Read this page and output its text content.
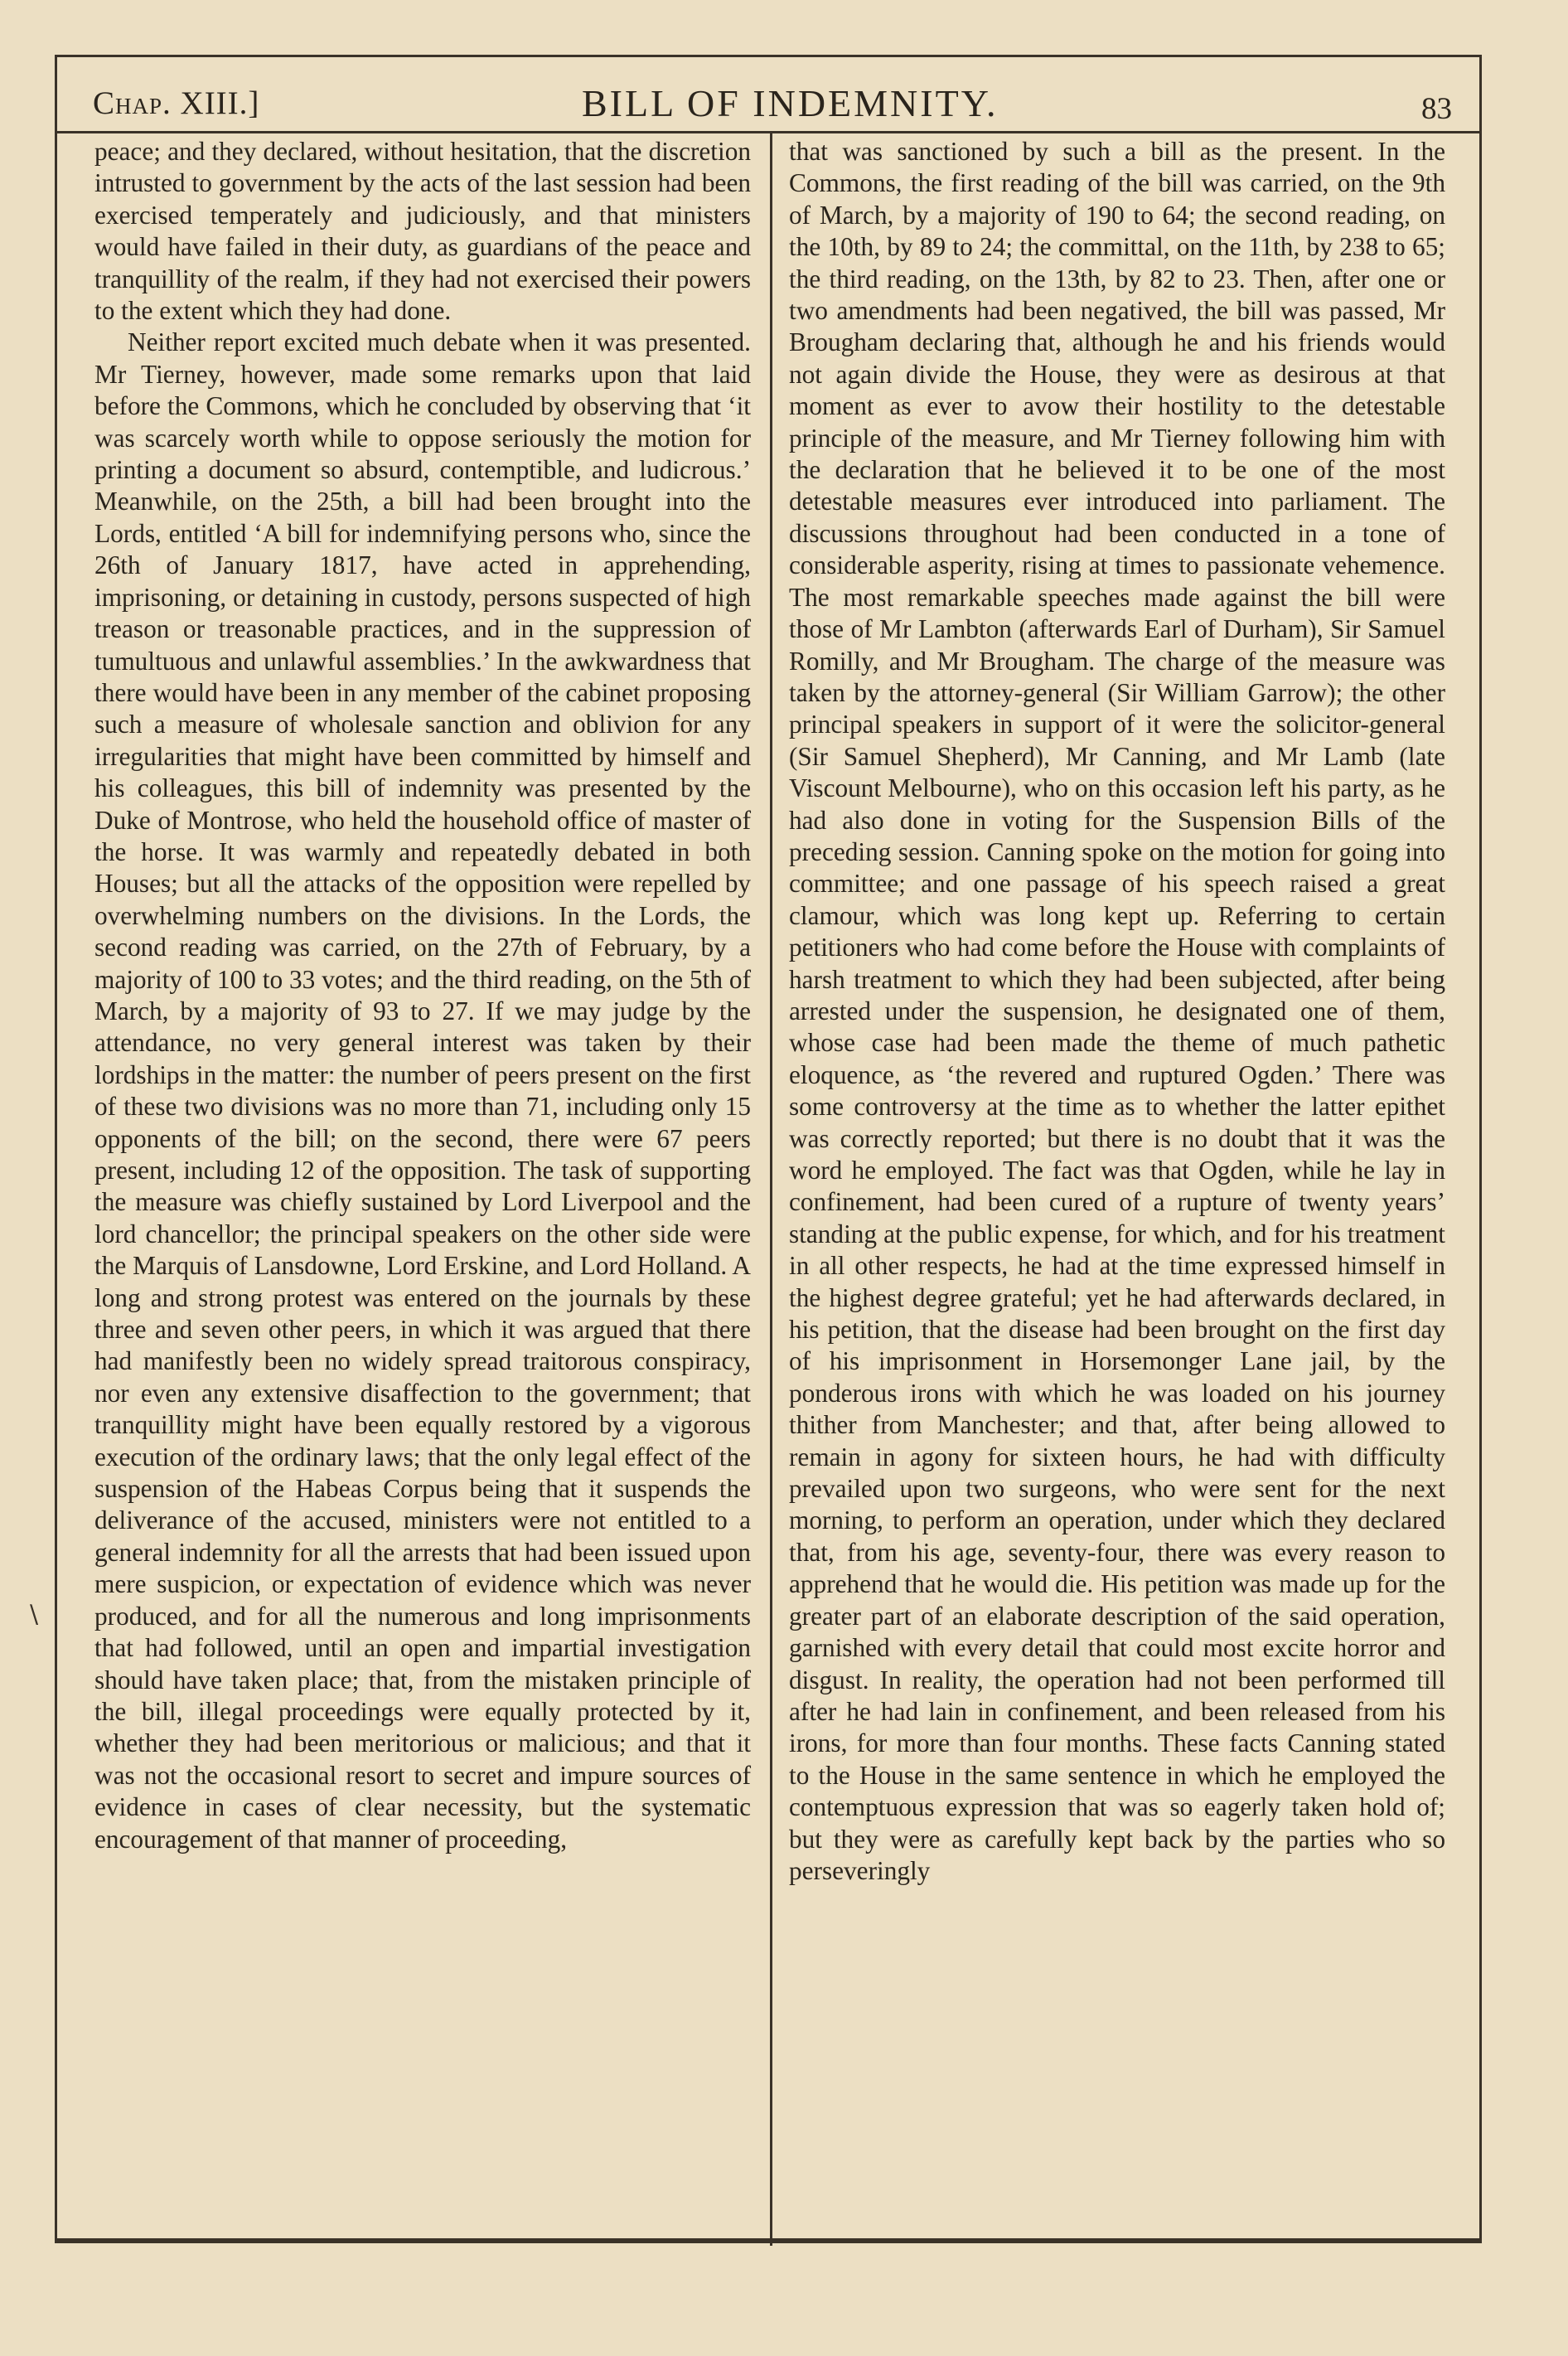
Chap. XIII.]	BILL OF INDEMNITY.	83
\

peace; and they declared, without hesitation, that the discretion intrusted to government by the acts of the last session had been exercised temperately and judiciously, and that ministers would have failed in their duty, as guardians of the peace and tranquillity of the realm, if they had not exercised their powers to the extent which they had done.

Neither report excited much debate when it was presented. Mr Tierney, however, made some remarks upon that laid before the Commons, which he concluded by observing that ‘it was scarcely worth while to oppose seriously the motion for printing a document so absurd, contemptible, and ludicrous.’ Meanwhile, on the 25th, a bill had been brought into the Lords, entitled ‘A bill for indemnifying persons who, since the 26th of January 1817, have acted in apprehending, imprisoning, or detaining in custody, persons suspected of high treason or treasonable practices, and in the suppression of tumultuous and unlawful assemblies.’ In the awkwardness that there would have been in any member of the cabinet proposing such a measure of wholesale sanction and oblivion for any irregularities that might have been committed by himself and his colleagues, this bill of indemnity was presented by the Duke of Montrose, who held the household office of master of the horse. It was warmly and repeatedly debated in both Houses; but all the attacks of the opposition were repelled by overwhelming numbers on the divisions. In the Lords, the second reading was carried, on the 27th of February, by a majority of 100 to 33 votes; and the third reading, on the 5th of March, by a majority of 93 to 27. If we may judge by the attendance, no very general interest was taken by their lordships in the matter: the number of peers present on the first of these two divisions was no more than 71, including only 15 opponents of the bill; on the second, there were 67 peers present, including 12 of the opposition. The task of supporting the measure was chiefly sustained by Lord Liverpool and the lord chancellor; the principal speakers on the other side were the Marquis of Lansdowne, Lord Erskine, and Lord Holland. A long and strong protest was entered on the journals by these three and seven other peers, in which it was argued that there had manifestly been no widely spread traitorous conspiracy, nor even any extensive disaffection to the government; that tranquillity might have been equally restored by a vigorous execution of the ordinary laws; that the only legal effect of the suspension of the Habeas Corpus being that it suspends the deliverance of the accused, ministers were not entitled to a general indemnity for all the arrests that had been issued upon mere suspicion, or expectation of evidence which was never produced, and for all the numerous and long imprisonments that had followed, until an open and impartial investigation should have taken place; that, from the mistaken principle of the bill, illegal proceedings were equally protected by it, whether they had been meritorious or malicious; and that it was not the occasional resort to secret and impure sources of evidence in cases of clear necessity, but the systematic encouragement of that manner of proceeding,

that was sanctioned by such a bill as the present. In the Commons, the first reading of the bill was carried, on the 9th of March, by a majority of 190 to 64; the second reading, on the 10th, by 89 to 24; the committal, on the 11th, by 238 to 65; the third reading, on the 13th, by 82 to 23. Then, after one or two amendments had been negatived, the bill was passed, Mr Brougham declaring that, although he and his friends would not again divide the House, they were as desirous at that moment as ever to avow their hostility to the detestable principle of the measure, and Mr Tierney following him with the declaration that he believed it to be one of the most detestable measures ever introduced into parliament. The discussions throughout had been conducted in a tone of considerable asperity, rising at times to passionate vehemence. The most remarkable speeches made against the bill were those of Mr Lambton (afterwards Earl of Durham), Sir Samuel Romilly, and Mr Brougham. The charge of the measure was taken by the attorney-general (Sir William Garrow); the other principal speakers in support of it were the solicitor-general (Sir Samuel Shepherd), Mr Canning, and Mr Lamb (late Viscount Melbourne), who on this occasion left his party, as he had also done in voting for the Suspension Bills of the preceding session. Canning spoke on the motion for going into committee; and one passage of his speech raised a great clamour, which was long kept up. Referring to certain petitioners who had come before the House with complaints of harsh treatment to which they had been subjected, after being arrested under the suspension, he designated one of them, whose case had been made the theme of much pathetic eloquence, as ‘the revered and ruptured Ogden.’ There was some controversy at the time as to whether the latter epithet was correctly reported; but there is no doubt that it was the word he employed. The fact was that Ogden, while he lay in confinement, had been cured of a rupture of twenty years’ standing at the public expense, for which, and for his treatment in all other respects, he had at the time expressed himself in the highest degree grateful; yet he had afterwards declared, in his petition, that the disease had been brought on the first day of his imprisonment in Horsemonger Lane jail, by the ponderous irons with which he was loaded on his journey thither from Manchester; and that, after being allowed to remain in agony for sixteen hours, he had with difficulty prevailed upon two surgeons, who were sent for the next morning, to perform an operation, under which they declared that, from his age, seventy-four, there was every reason to apprehend that he would die. His petition was made up for the greater part of an elaborate description of the said operation, garnished with every detail that could most excite horror and disgust. In reality, the operation had not been performed till after he had lain in confinement, and been released from his irons, for more than four months. These facts Canning stated to the House in the same sentence in which he employed the contemptuous expression that was so eagerly taken hold of; but they were as carefully kept back by the parties who so perseveringly
